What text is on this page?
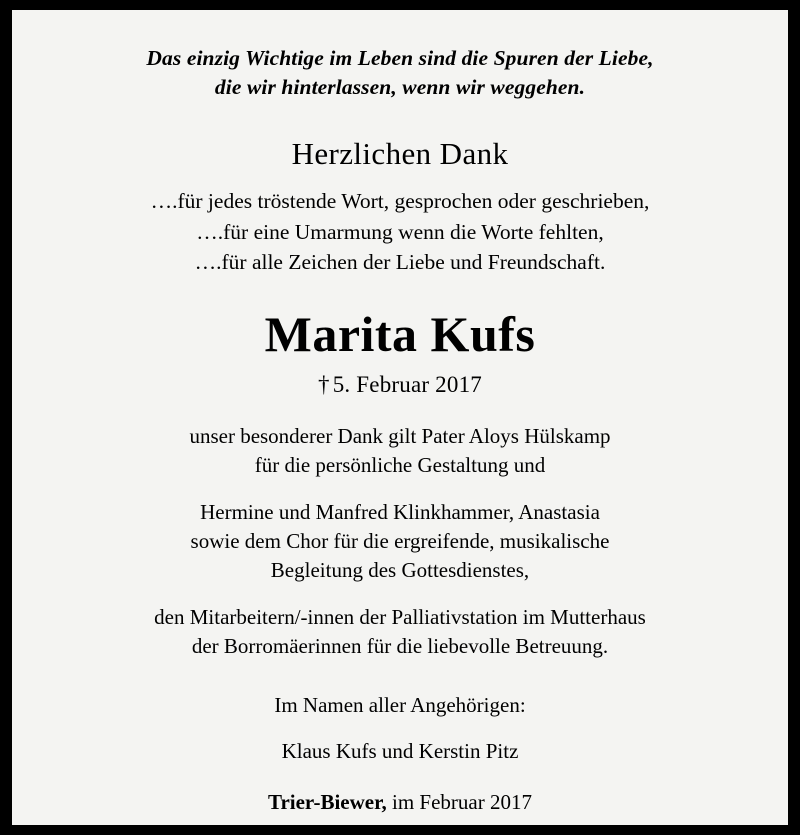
Das einzig Wichtige im Leben sind die Spuren der Liebe,
die wir hinterlassen, wenn wir weggehen.
Herzlichen Dank
….für jedes tröstende Wort, gesprochen oder geschrieben,
….für eine Umarmung wenn die Worte fehlten,
….für alle Zeichen der Liebe und Freundschaft.
Marita Kufs
† 5. Februar 2017
unser besonderer Dank gilt Pater Aloys Hülskamp
für die persönliche Gestaltung und
Hermine und Manfred Klinkhammer, Anastasia
sowie dem Chor für die ergreifende, musikalische
Begleitung des Gottesdienstes,
den Mitarbeitern/-innen der Palliativstation im Mutterhaus
der Borromäerinnen für die liebevolle Betreuung.
Im Namen aller Angehörigen:
Klaus Kufs und Kerstin Pitz
Trier-Biewer, im Februar 2017
